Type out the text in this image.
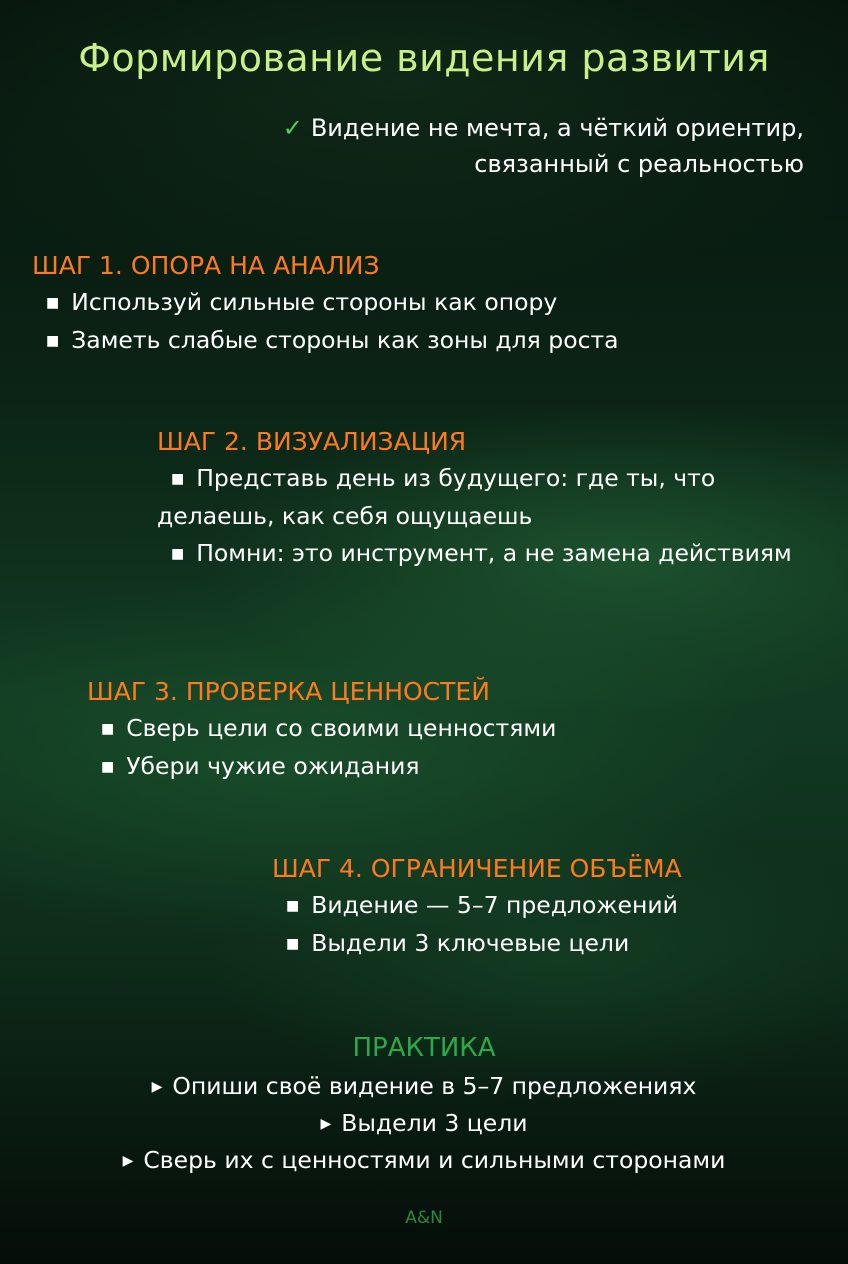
Формирование видения развития
✓ Видение не мечта, а чёткий ориентир, связанный с реальностью
ШАГ 1. ОПОРА НА АНАЛИЗ
■ Используй сильные стороны как опору
■ Заметь слабые стороны как зоны для роста
ШАГ 2. ВИЗУАЛИЗАЦИЯ
■ Представь день из будущего: где ты, что делаешь, как себя ощущаешь
■ Помни: это инструмент, а не замена действиям
ШАГ 3. ПРОВЕРКА ЦЕННОСТЕЙ
■ Сверь цели со своими ценностями
■ Убери чужие ожидания
ШАГ 4. ОГРАНИЧЕНИЕ ОБЪЁМА
■ Видение — 5–7 предложений
■ Выдели 3 ключевые цели
ПРАКТИКА
▶ Опиши своё видение в 5–7 предложениях
▶ Выдели 3 цели
▶ Сверь их с ценностями и сильными сторонами
A&N
